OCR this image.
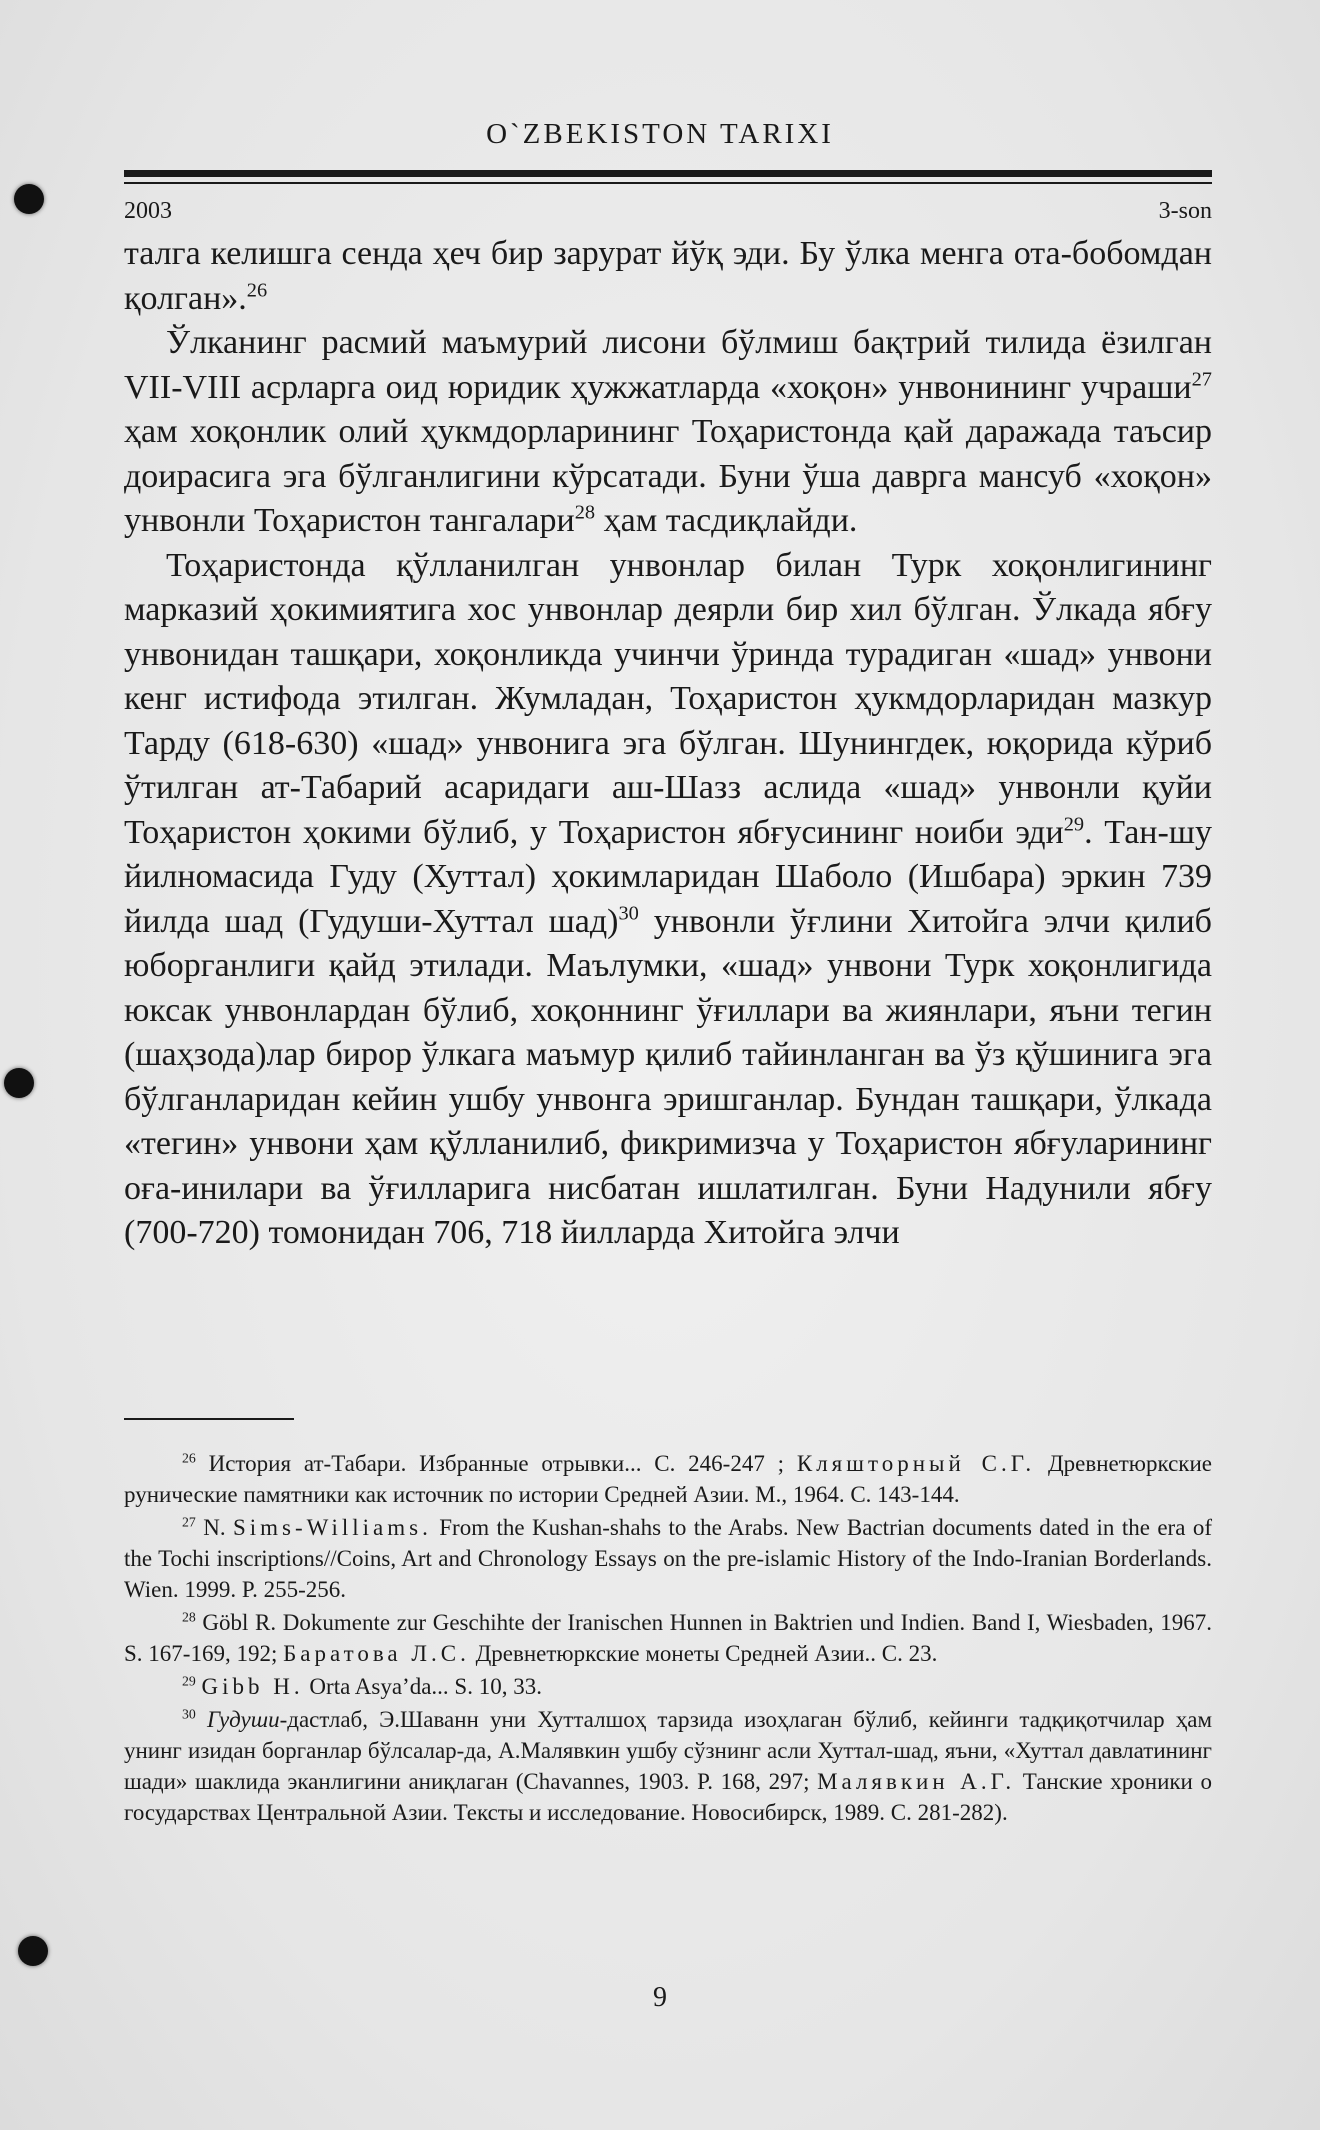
O`ZBEKISTON TARIXI
2003	3-son

талга келишга сенда ҳеч бир зарурат йўқ эди. Бу ўлка менга ота-бобомдан қолган».$^{26}$

Ўлканинг расмий маъмурий лисони бўлмиш бақтрий тилида ёзилган VII-VIII асрларга оид юридик ҳужжатларда «хоқон» унвонининг учраши$^{27}$ ҳам хоқонлик олий ҳукмдорларининг Тоҳаристонда қай даражада таъсир доирасига эга бўлганлигини кўрсатади. Буни ўша даврга мансуб «хоқон» унвонли Тоҳаристон тангалари$^{28}$ ҳам тасдиқлайди.

Тоҳаристонда қўлланилган унвонлар билан Турк хоқонлигининг марказий ҳокимиятига хос унвонлар деярли бир хил бўлган. Ўлкада ябғу унвонидан ташқари, хоқонликда учинчи ўринда турадиган «шад» унвони кенг истифода этилган. Жумладан, Тоҳаристон ҳукмдорларидан мазкур Тарду (618-630) «шад» унвонига эга бўлган. Шунингдек, юқорида кўриб ўтилган ат-Табарий асаридаги аш-Шазз аслида «шад» унвонли қуйи Тоҳаристон ҳокими бўлиб, у Тоҳаристон ябғусининг ноиби эди$^{29}$. Тан-шу йилномасида Гуду (Хуттал) ҳокимларидан Шаболо (Ишбара) эркин 739 йилда шад (Гудуши-Хуттал шад)$^{30}$ унвонли ўғлини Хитойга элчи қилиб юборганлиги қайд этилади. Маълумки, «шад» унвони Турк хоқонлигида юксак унвонлардан бўлиб, хоқоннинг ўғиллари ва жиянлари, яъни тегин (шаҳзода)лар бирор ўлкага маъмур қилиб тайинланган ва ўз қўшинига эга бўлганларидан кейин ушбу унвонга эришганлар. Бундан ташқари, ўлкада «тегин» унвони ҳам қўлланилиб, фикримизча у Тоҳаристон ябғуларининг оға-инилари ва ўғилларига нисбатан ишлатилган. Буни Надунили ябғу (700-720) томонидан 706, 718 йилларда Хитойга элчи

$^{26}$ История ат-Табари. Избранные отрывки... С. 246-247 ; Кляшторный С.Г. Древнетюркские рунические памятники как источник по истории Средней Азии. М., 1964. С. 143-144.

$^{27}$ N. Sims-Williams. From the Kushan-shahs to the Arabs. New Bactrian documents dated in the era of the Tochi inscriptions//Coins, Art and Chronology Essays on the pre-islamic History of the Indo-Iranian Borderlands. Wien. 1999. P. 255-256.

$^{28}$ Göbl R. Dokumente zur Geschihte der Iranischen Hunnen in Baktrien und Indien. Band I, Wiesbaden, 1967. S. 167-169, 192; Баратова Л.С. Древнетюркские монеты Средней Азии.. С. 23.

$^{29}$ Gibb H. Orta Asya’da... S. 10, 33.

$^{30}$ Гудуши-дастлаб, Э.Шаванн уни Хутталшоҳ тарзида изоҳлаган бўлиб, кейинги тадқиқотчилар ҳам унинг изидан борганлар бўлсалар-да, А.Малявкин ушбу сўзнинг асли Хуттал-шад, яъни, «Хуттал давлатининг шади» шаклида эканлигини аниқлаган (Chavannes, 1903. P. 168, 297; Малявкин А.Г. Танские хроники о государствах Центральной Азии. Тексты и исследование. Новосибирск, 1989. С. 281-282).

9
